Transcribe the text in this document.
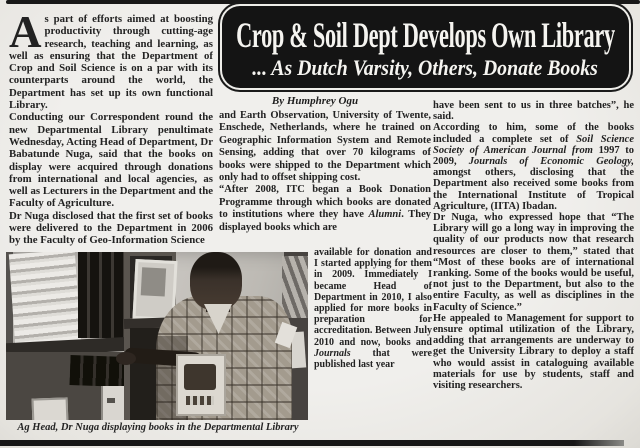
Crop & Soil Dept Develops Own Library
... As Dutch Varsity, Others, Donate Books
By Humphrey Ogu

As part of efforts aimed at boosting productivity through cutting-age research, teaching and learning, as well as ensuring that the Department of Crop and Soil Science is on a par with its counterparts around the world, the Department has set up its own functional Library.

Conducting our Correspondent round the new Departmental Library penultimate Wednesday, Acting Head of Department, Dr Babatunde Nuga, said that the books on display were acquired through donations from international and local agencies, as well as Lecturers in the Department and the Faculty of Agriculture.

Dr Nuga disclosed that the first set of books were delivered to the Department in 2006 by the Faculty of Geo-Information Science

and Earth Observation, University of Twente, Enschede, Netherlands, where he trained on Geographic Information System and Remote Sensing, adding that over 70 kilograms of books were shipped to the Department which only had to offset shipping cost.

“After 2008, ITC began a Book Donation Programme through which books are donated to institutions where they have Alumni. They displayed books which are

available for donation and I started applying for them in 2009. Immediately I became Head of Department in 2010, I also applied for more books in preparation for accreditation. Between July 2010 and now, books and Journals that were published last year

have been sent to us in three batches”, he said.

According to him, some of the books included a complete set of Soil Science Society of American Journal from 1997 to 2009, Journals of Economic Geology, amongst others, disclosing that the Department also received some books from the International Institute of Tropical Agriculture, (IITA) Ibadan.

Dr Nuga, who expressed hope that “The Library will go a long way in improving the quality of our products now that research resources are closer to them,” stated that “Most of these books are of international ranking. Some of the books would be useful, not just to the Department, but also to the entire Faculty, as well as disciplines in the Faculty of Science.”

He appealed to Management for support to ensure optimal utilization of the Library, adding that arrangements are underway to get the University Library to deploy a staff who would assist in cataloguing available materials for use by students, staff and visiting researchers.

Ag Head, Dr Nuga displaying books in the Departmental Library
